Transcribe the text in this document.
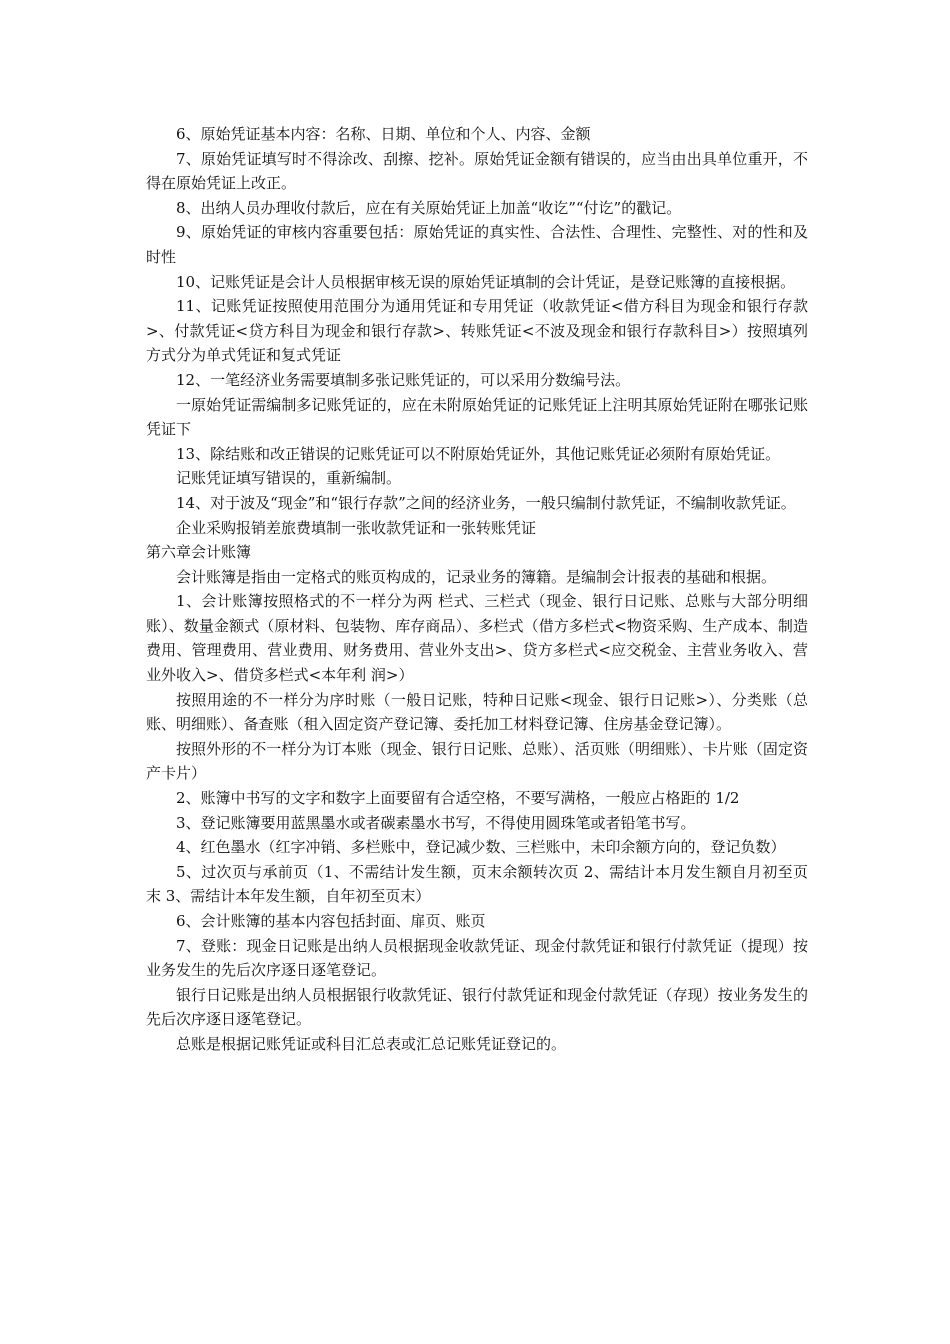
6、原始凭证基本内容：名称、日期、单位和个人、内容、金额

7、原始凭证填写时不得涂改、刮擦、挖补。原始凭证金额有错误的，应当由出具单位重开，不得在原始凭证上改正。

8、出纳人员办理收付款后，应在有关原始凭证上加盖“收讫”“付讫”的戳记。

9、原始凭证的审核内容重要包括：原始凭证的真实性、合法性、合理性、完整性、对的性和及时性

10、记账凭证是会计人员根据审核无误的原始凭证填制的会计凭证，是登记账簿的直接根据。

11、记账凭证按照使用范围分为通用凭证和专用凭证（收款凭证<借方科目为现金和银行存款>、付款凭证<贷方科目为现金和银行存款>、转账凭证<不波及现金和银行存款科目>）按照填列方式分为单式凭证和复式凭证

12、一笔经济业务需要填制多张记账凭证的，可以采用分数编号法。

一原始凭证需编制多记账凭证的，应在未附原始凭证的记账凭证上注明其原始凭证附在哪张记账凭证下

13、除结账和改正错误的记账凭证可以不附原始凭证外，其他记账凭证必须附有原始凭证。

记账凭证填写错误的，重新编制。

14、对于波及“现金”和“银行存款”之间的经济业务，一般只编制付款凭证，不编制收款凭证。

企业采购报销差旅费填制一张收款凭证和一张转账凭证

第六章会计账簿

会计账簿是指由一定格式的账页构成的，记录业务的簿籍。是编制会计报表的基础和根据。

1、会计账簿按照格式的不一样分为两 栏式、三栏式（现金、银行日记账、总账与大部分明细账）、数量金额式（原材料、包装物、库存商品）、多栏式（借方多栏式<物资采购、生产成本、制造 费用、管理费用、营业费用、财务费用、营业外支出>、贷方多栏式<应交税金、主营业务收入、营业外收入>、借贷多栏式<本年利 润>）

按照用途的不一样分为序时账（一般日记账，特种日记账<现金、银行日记账>）、分类账（总账、明细账）、备查账（租入固定资产登记簿、委托加工材料登记簿、住房基金登记簿）。

按照外形的不一样分为订本账（现金、银行日记账、总账）、活页账（明细账）、卡片账（固定资产卡片）

2、账簿中书写的文字和数字上面要留有合适空格，不要写满格，一般应占格距的 1/2

3、登记账簿要用蓝黑墨水或者碳素墨水书写，不得使用圆珠笔或者铅笔书写。

4、红色墨水（红字冲销、多栏账中，登记减少数、三栏账中，未印余额方向的，登记负数）

5、过次页与承前页（1、不需结计发生额，页末余额转次页 2、需结计本月发生额自月初至页末 3、需结计本年发生额，自年初至页末）

6、会计账簿的基本内容包括封面、扉页、账页

7、登账：现金日记账是出纳人员根据现金收款凭证、现金付款凭证和银行付款凭证（提现）按业务发生的先后次序逐日逐笔登记。

银行日记账是出纳人员根据银行收款凭证、银行付款凭证和现金付款凭证（存现）按业务发生的先后次序逐日逐笔登记。

总账是根据记账凭证或科目汇总表或汇总记账凭证登记的。
